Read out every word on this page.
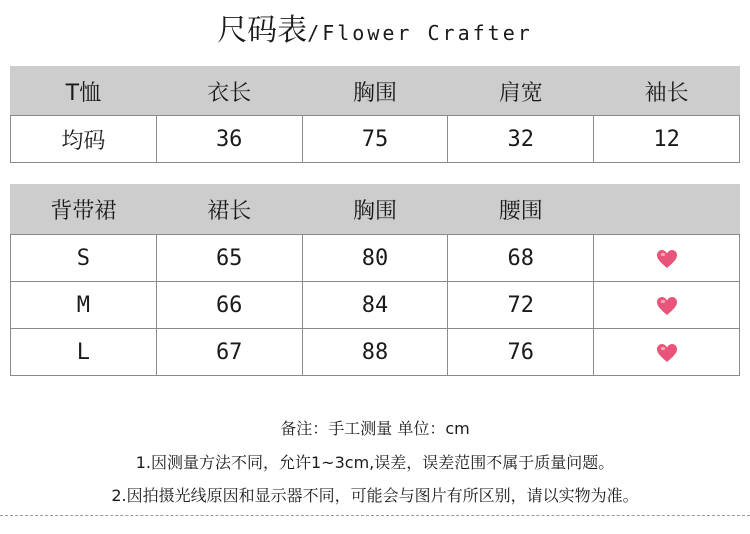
尺码表/Flower Crafter
T恤	衣长	胸围	肩宽	袖长
均码	36	75	32	12
背带裙	裙长	胸围	腰围	
S	65	80	68	
M	66	84	72	
L	67	88	76	
备注：手工测量 单位：cm
1.因测量方法不同，允许1~3cm,误差，误差范围不属于质量问题。
2.因拍摄光线原因和显示器不同，可能会与图片有所区别，请以实物为准。
